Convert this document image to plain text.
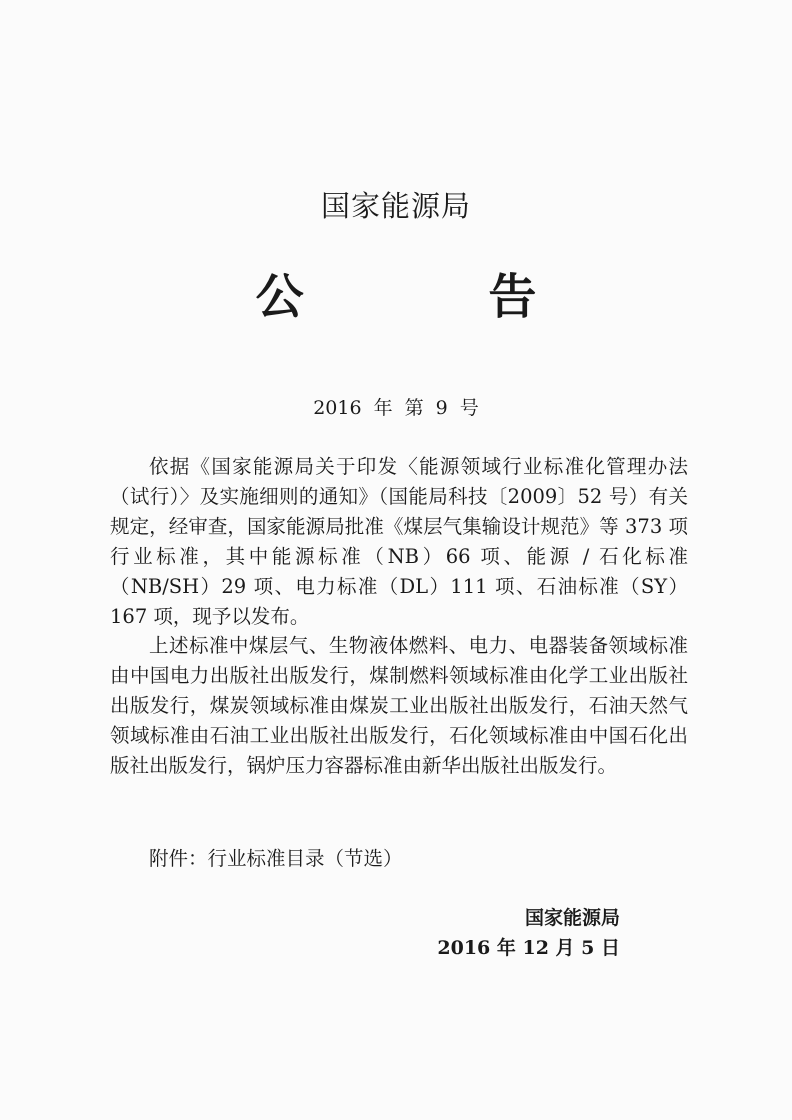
国家能源局
公 告
2016 年 第 9 号

依据《国家能源局关于印发〈能源领域行业标准化管理办法（试行）〉及实施细则的通知》（国能局科技〔2009〕52 号）有关规定，经审查，国家能源局批准《煤层气集输设计规范》等 373 项行业标准，其中能源标准（NB）66 项、能源 / 石化标准（NB/SH）29 项、电力标准（DL）111 项、石油标准（SY）167 项，现予以发布。

上述标准中煤层气、生物液体燃料、电力、电器装备领域标准由中国电力出版社出版发行，煤制燃料领域标准由化学工业出版社出版发行，煤炭领域标准由煤炭工业出版社出版发行，石油天然气领域标准由石油工业出版社出版发行，石化领域标准由中国石化出版社出版发行，锅炉压力容器标准由新华出版社出版发行。

附件：行业标准目录（节选）
国家能源局
2016 年 12 月 5 日
